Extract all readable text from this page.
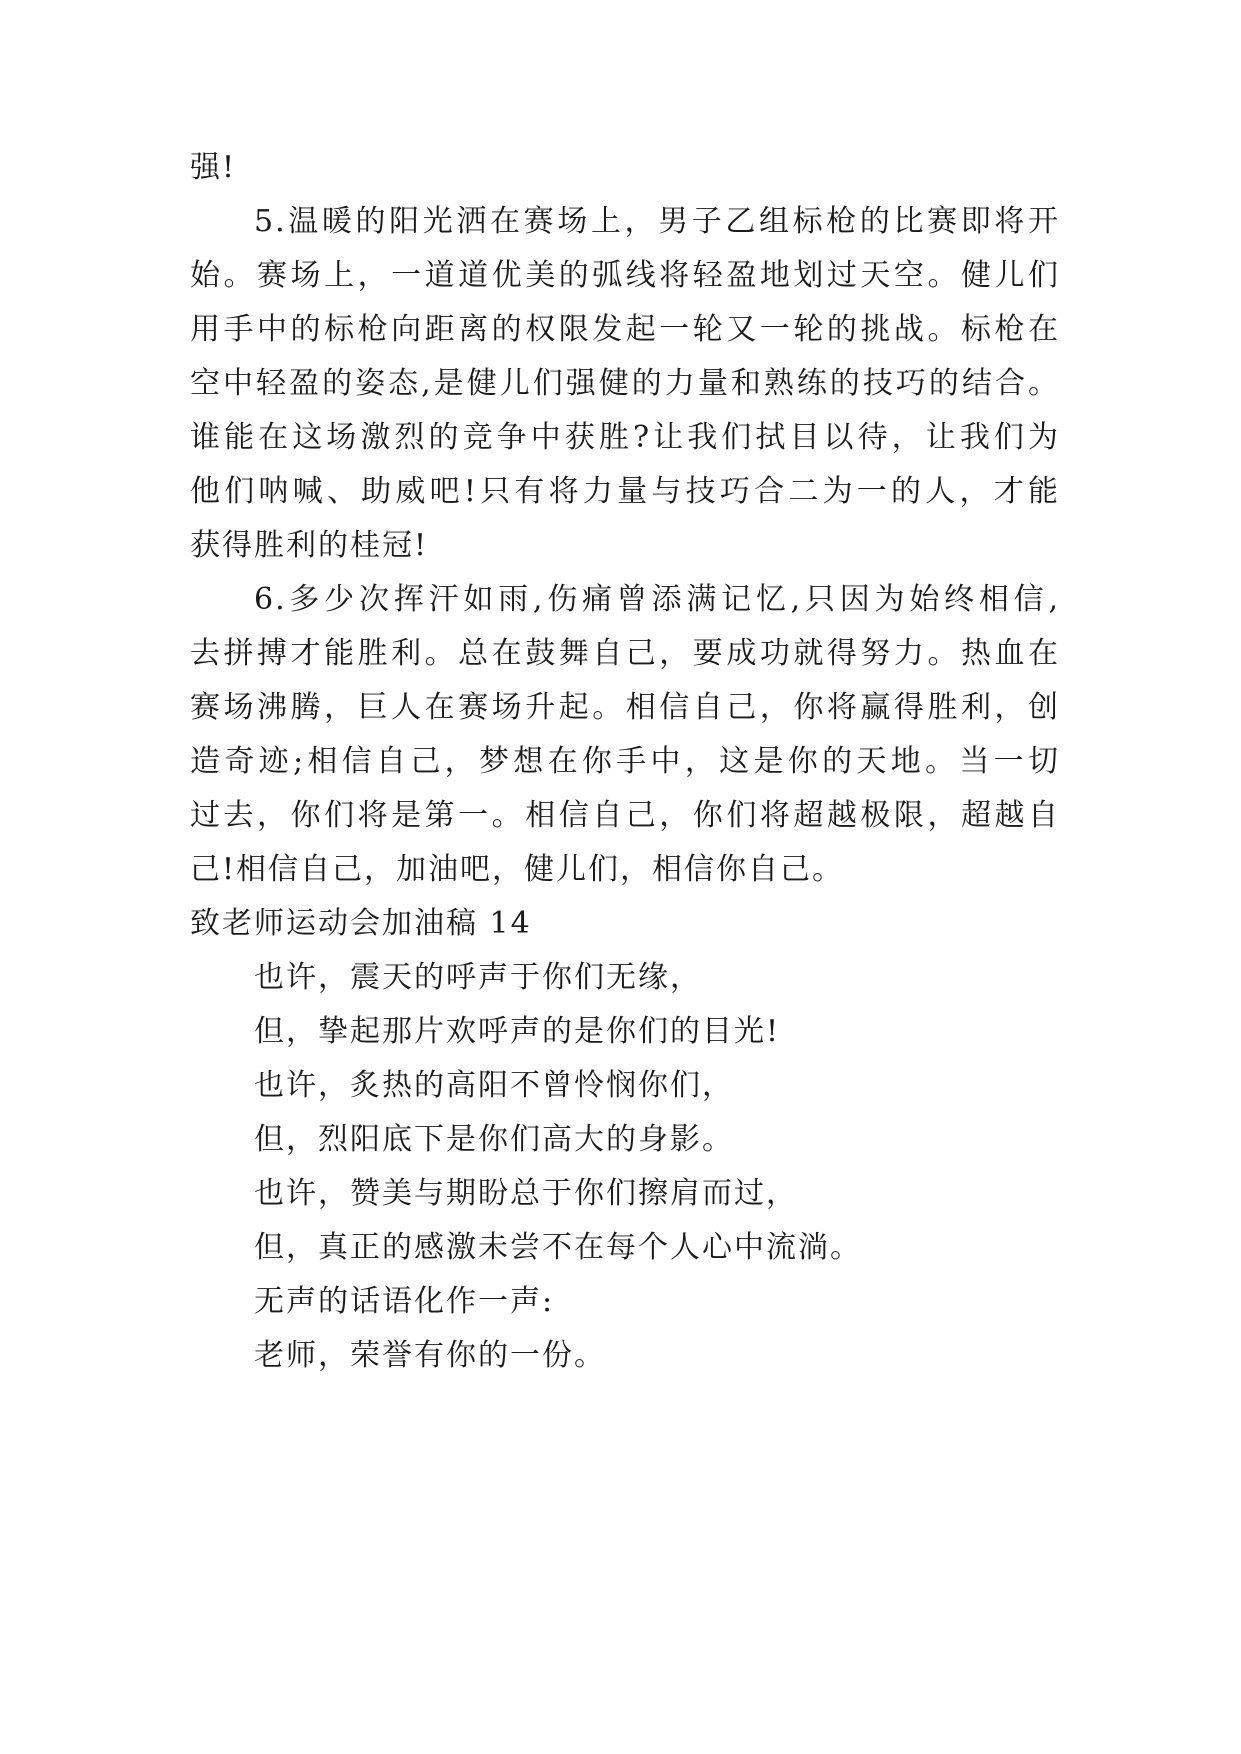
强!
5.温暖的阳光洒在赛场上，男子乙组标枪的比赛即将开
始。赛场上，一道道优美的弧线将轻盈地划过天空。健儿们
用手中的标枪向距离的权限发起一轮又一轮的挑战。标枪在
空中轻盈的姿态,是健儿们强健的力量和熟练的技巧的结合。
谁能在这场激烈的竞争中获胜?让我们拭目以待，让我们为
他们呐喊、助威吧!只有将力量与技巧合二为一的人，才能
获得胜利的桂冠!
6.多少次挥汗如雨,伤痛曾添满记忆,只因为始终相信,
去拼搏才能胜利。总在鼓舞自己，要成功就得努力。热血在
赛场沸腾，巨人在赛场升起。相信自己，你将赢得胜利，创
造奇迹;相信自己，梦想在你手中，这是你的天地。当一切
过去，你们将是第一。相信自己，你们将超越极限，超越自
己!相信自己，加油吧，健儿们，相信你自己。
致老师运动会加油稿 14
也许，震天的呼声于你们无缘，
但，挚起那片欢呼声的是你们的目光!
也许，炙热的高阳不曾怜悯你们，
但，烈阳底下是你们高大的身影。
也许，赞美与期盼总于你们擦肩而过，
但，真正的感激未尝不在每个人心中流淌。
无声的话语化作一声:
老师，荣誉有你的一份。
